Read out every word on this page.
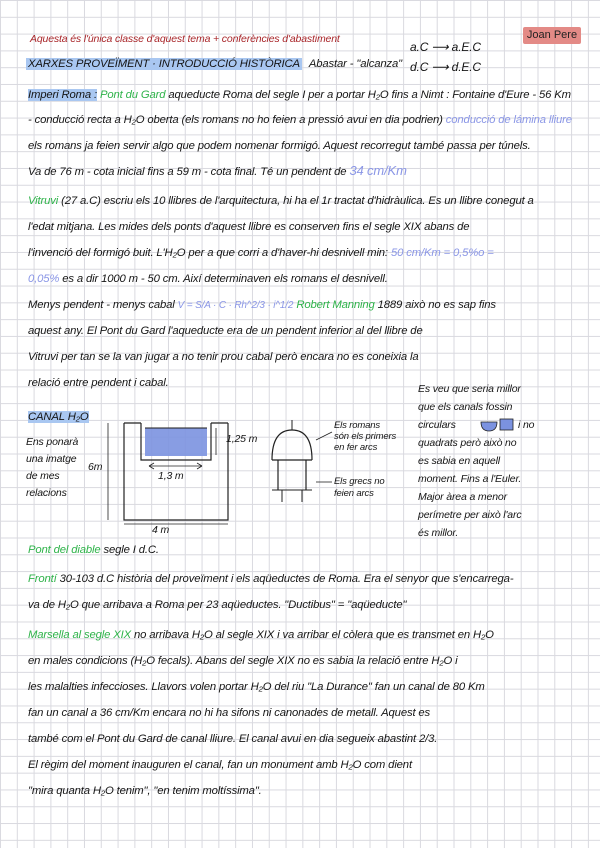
Aquesta és l'única classe d'aquest tema + conferències d'abastiment	Joan Pere
XARXES PROVEÏMENT · INTRODUCCIÓ HISTÒRICA Abastar - "alcanza"
a.C ⟶ a.E.C
d.C ⟶ d.E.C
Imperi Roma : Pont du Gard aqueducte Roma del segle I per a portar H₂O fins a Nimt : Fontaine d'Eure - 56 Km
- conducció recta a H₂O oberta (els romans no ho feien a pressió avui en dia podrien) conducció de lámina lliure
els romans ja feien servir algo que podem nomenar formigó. Aquest recorregut també passa per túnels.
Va de 76 m - cota inicial fins a 59 m - cota final. Té un pendent de 34 cm/Km
Vitruvi (27 a.C) escriu els 10 llibres de l'arquitectura, hi ha el 1r tractat d'hidràulica. Es un llibre conegut a
l'edat mitjana. Les mides dels ponts d'aquest llibre es conserven fins el segle XIX abans de
l'invenció del formigó buit. L'H₂O per a que corri a d'haver-hi desnivell min: 50 cm/Km = 0,5%o =
0,05% es a dir 1000 m - 50 cm. Així determinaven els romans el desnivell.
Menys pendent - menys cabal V = S/A · C · Rh^2/3 · i^1/2 Robert Manning 1889 això no es sap fins
aquest any. El Pont du Gard l'aqueducte era de un pendent inferior al del llibre de
Vitruvi per tan se la van jugar a no tenir prou cabal però encara no es coneixia la
relació entre pendent i cabal.
CANAL H₂O
Ens ponarà
una imatge
de mes
relacions
1,25 m
1,3 m
6m
4 m
Els romans
són els primers
en fer arcs
Els grecs no
feien arcs
Es veu que seria millor
que els canals fossin
circulars	i no
quadrats però això no
es sabia en aquell
moment. Fins a l'Euler.
Major àrea a menor
perímetre per això l'arc
és millor.
Pont del diable segle I d.C.
Frontí 30-103 d.C història del proveïment i els aqüeductes de Roma. Era el senyor que s'encarrega-
va de H₂O que arribava a Roma per 23 aqüeductes. "Ductibus" = "aqüeducte"
Marsella al segle XIX no arribava H₂O al segle XIX i va arribar el còlera que es transmet en H₂O
en males condicions (H₂O fecals). Abans del segle XIX no es sabia la relació entre H₂O i
les malalties infeccioses. Llavors volen portar H₂O del riu "La Durance" fan un canal de 80 Km
fan un canal a 36 cm/Km encara no hi ha sifons ni canonades de metall. Aquest es
també com el Pont du Gard de canal lliure. El canal avui en dia segueix abastint 2/3.
El règim del moment inauguren el canal, fan un monument amb H₂O com dient
"mira quanta H₂O tenim", "en tenim moltíssima".
